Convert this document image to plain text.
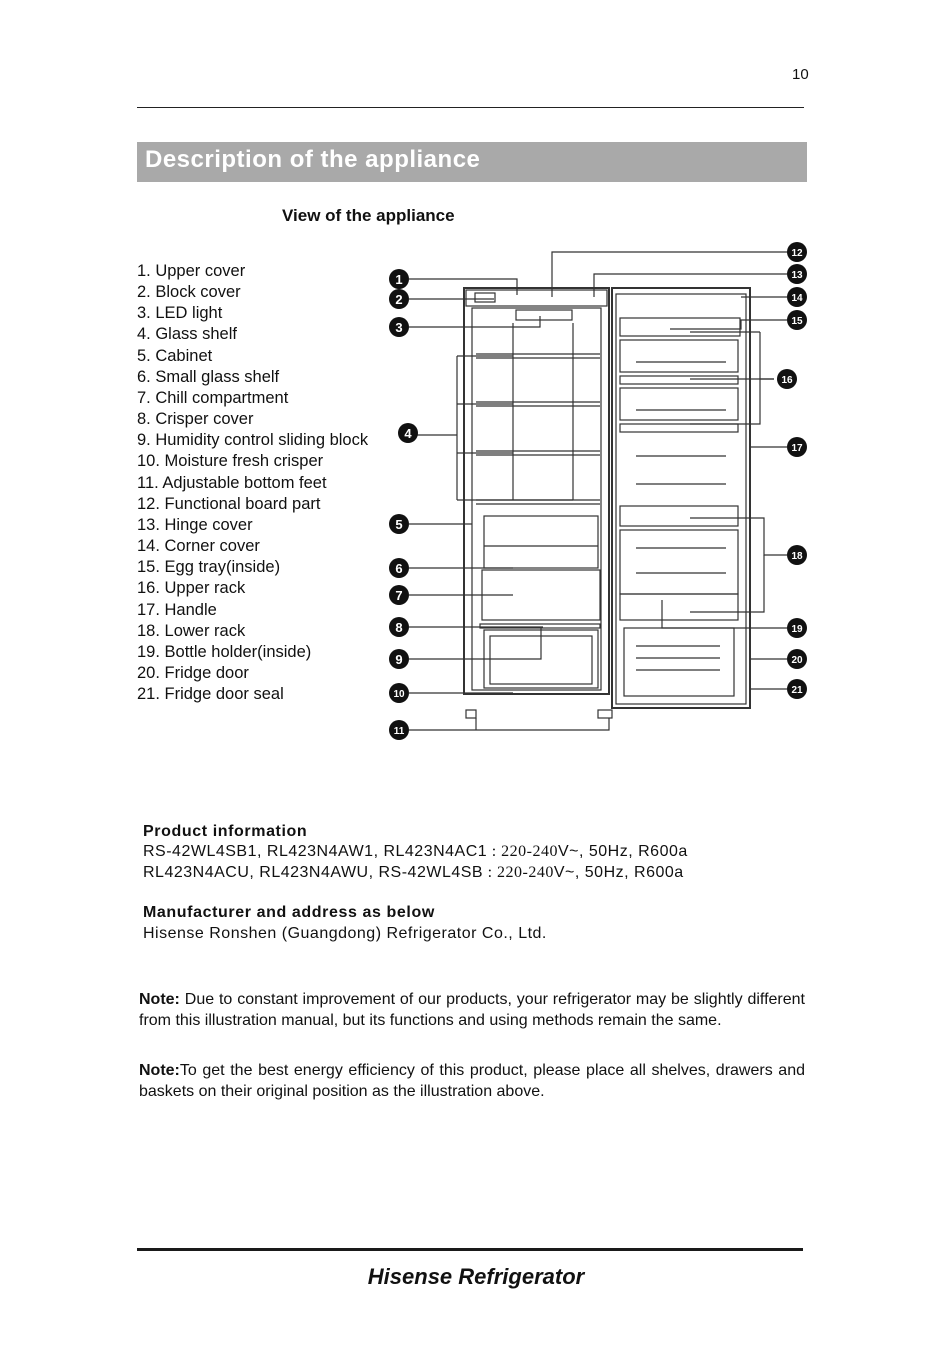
10
Description of the appliance
View of the appliance
1. Upper cover
2. Block cover
3. LED light
4. Glass shelf
5. Cabinet
6. Small glass shelf
7. Chill compartment
8. Crisper cover
9. Humidity control sliding block
10. Moisture fresh crisper
11. Adjustable bottom feet
12. Functional board part
13. Hinge cover
14. Corner cover
15. Egg tray(inside)
16. Upper rack
17. Handle
18. Lower rack
19. Bottle holder(inside)
20. Fridge door
21. Fridge door seal
1
2
3
4
5
6
7
8
9
10
11
12
13
14
15
16
17
18
19
20
21
Product information
RS-42WL4SB1, RL423N4AW1, RL423N4AC1 : 220-240V~, 50Hz, R600a
RL423N4ACU, RL423N4AWU, RS-42WL4SB : 220-240V~, 50Hz, R600a
Manufacturer and address as below
Hisense Ronshen (Guangdong) Refrigerator Co., Ltd.

Note: Due to constant improvement of our products, your refrigerator may be slightly different from this illustration manual, but its functions and using methods remain the same.

Note:To get the best energy efficiency of this product, please place all shelves, drawers and baskets on their original position as the illustration above.

Hisense Refrigerator
